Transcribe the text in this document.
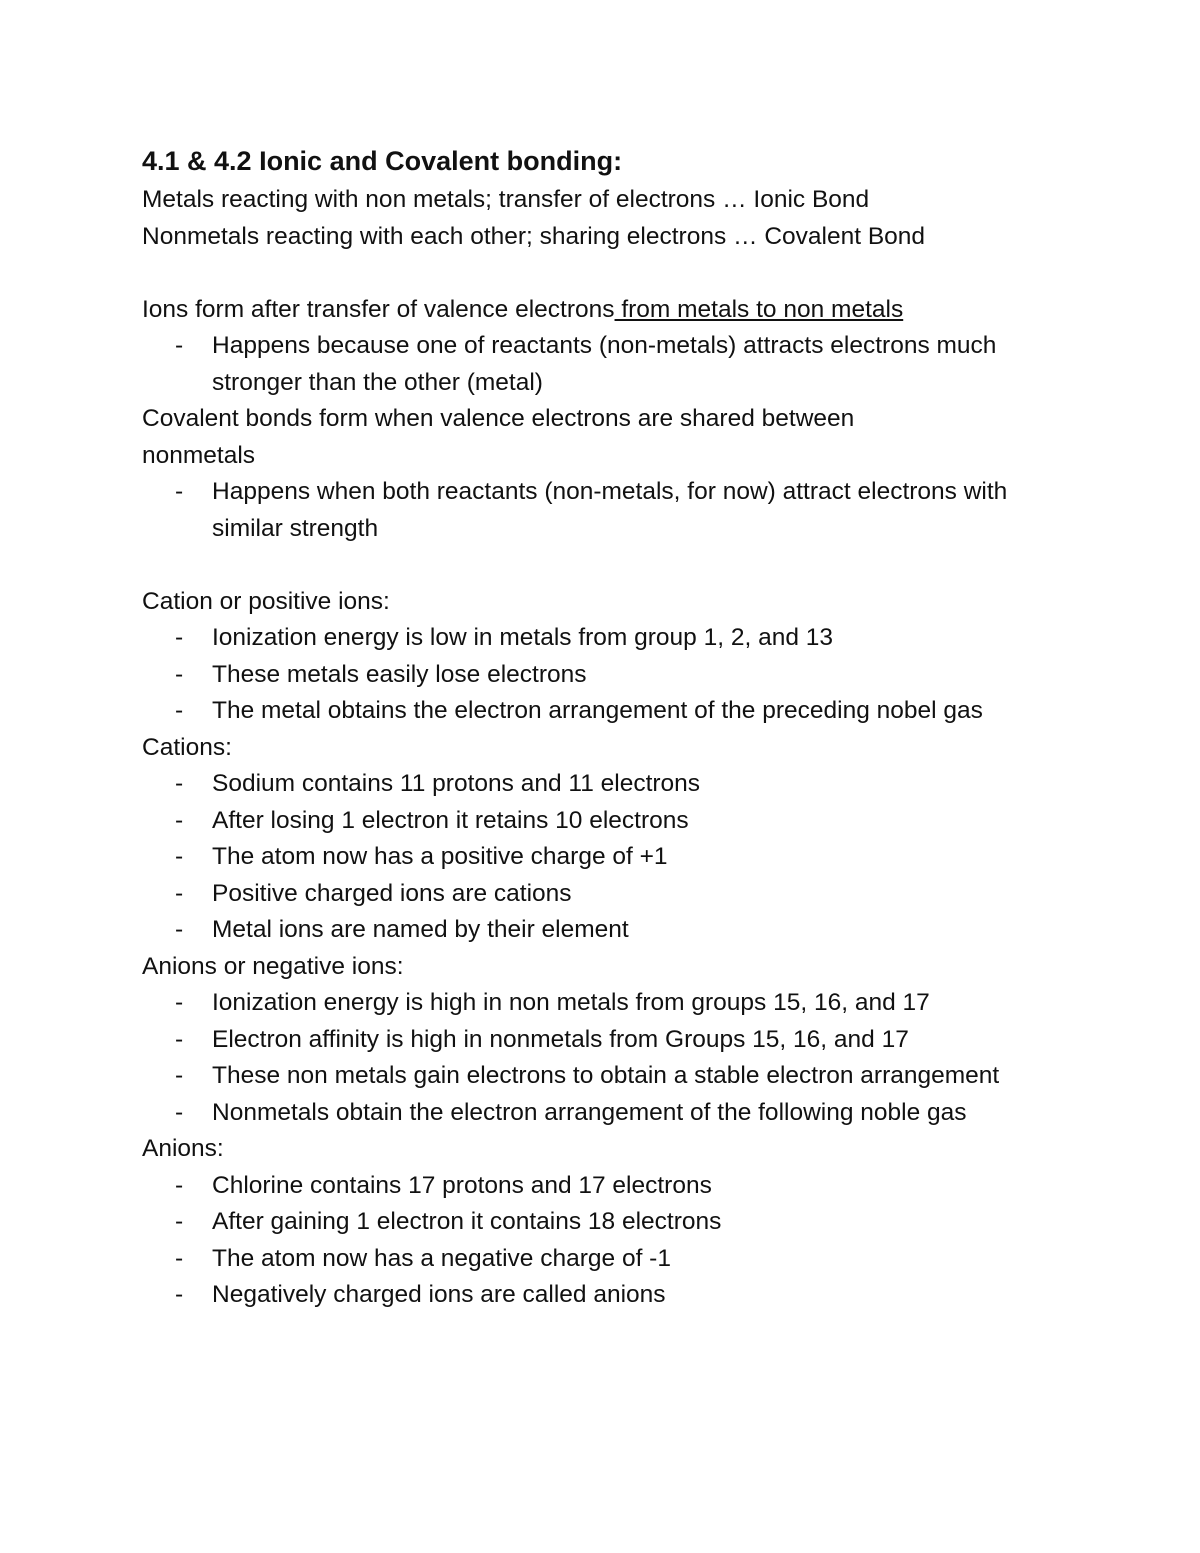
4.1 & 4.2 Ionic and Covalent bonding:

Metals reacting with non metals; transfer of electrons … Ionic Bond

Nonmetals reacting with each other; sharing electrons … Covalent Bond

Ions form after transfer of valence electrons from metals to non metals

- Happens because one of reactants (non-metals) attracts electrons much stronger than the other (metal)

Covalent bonds form when valence electrons are shared between

nonmetals

- Happens when both reactants (non-metals, for now) attract electrons with similar strength

Cation or positive ions:

- Ionization energy is low in metals from group 1, 2, and 13
- These metals easily lose electrons
- The metal obtains the electron arrangement of the preceding nobel gas

Cations:

- Sodium contains 11 protons and 11 electrons
- After losing 1 electron it retains 10 electrons
- The atom now has a positive charge of +1
- Positive charged ions are cations
- Metal ions are named by their element

Anions or negative ions:

- Ionization energy is high in non metals from groups 15, 16, and 17
- Electron affinity is high in nonmetals from Groups 15, 16, and 17
- These non metals gain electrons to obtain a stable electron arrangement
- Nonmetals obtain the electron arrangement of the following noble gas

Anions:

- Chlorine contains 17 protons and 17 electrons
- After gaining 1 electron it contains 18 electrons
- The atom now has a negative charge of -1
- Negatively charged ions are called anions
